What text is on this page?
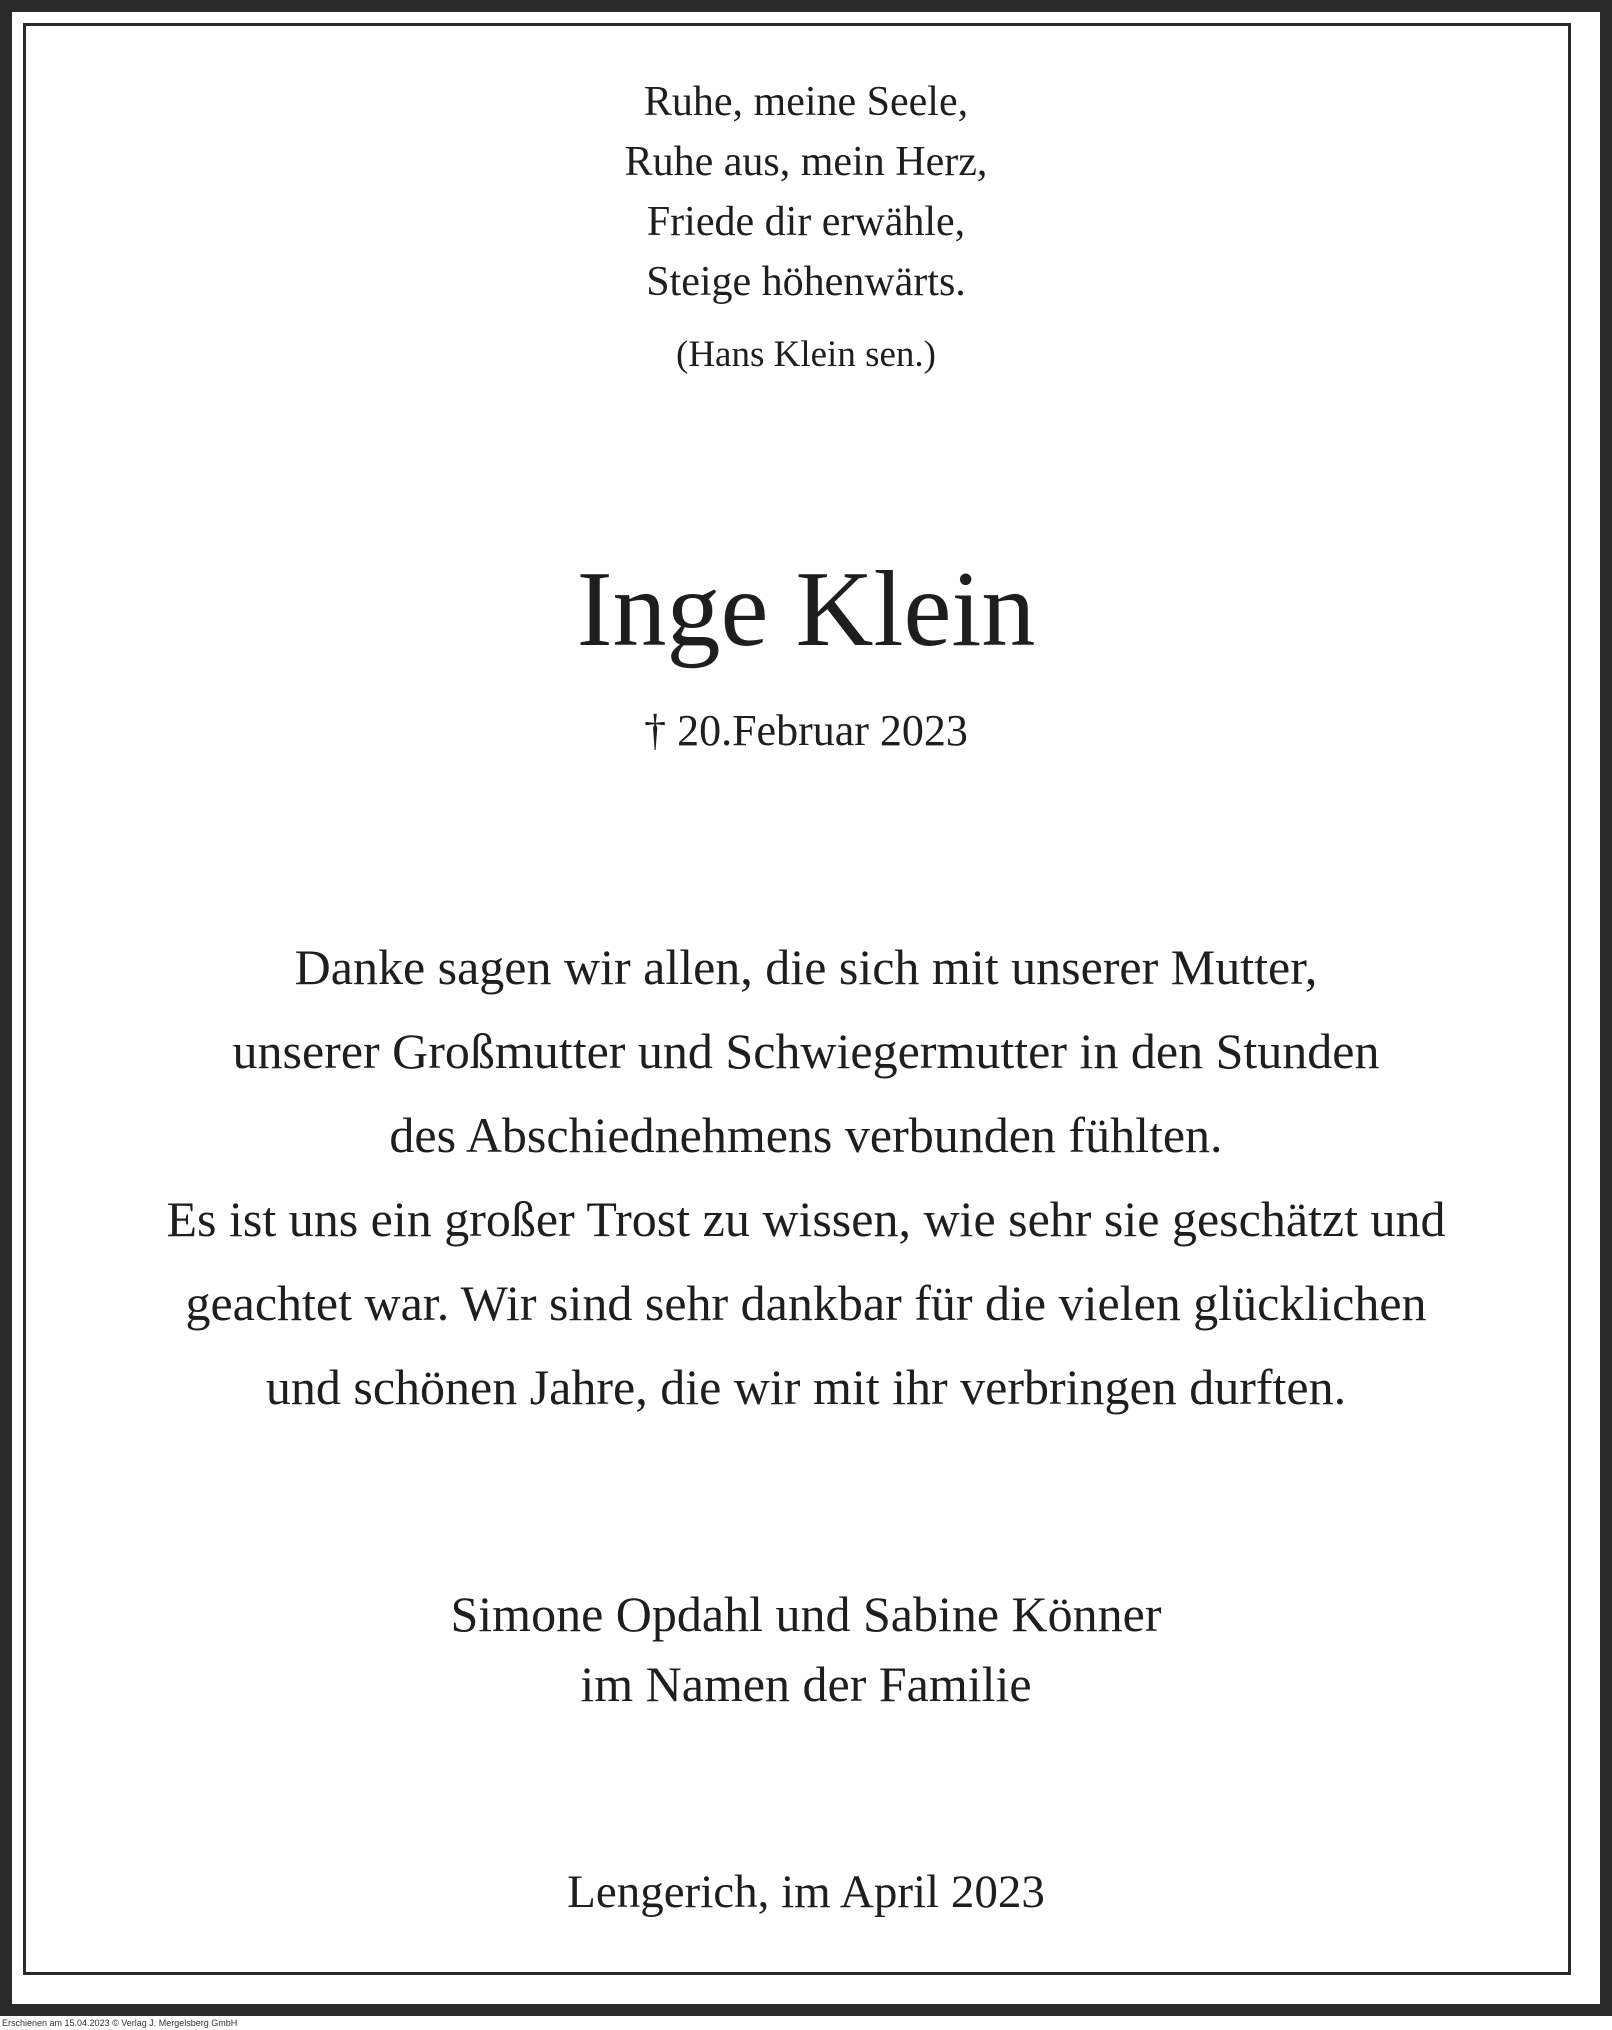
Ruhe, meine Seele,
Ruhe aus, mein Herz,
Friede dir erwähle,
Steige höhenwärts.
(Hans Klein sen.)
Inge Klein
† 20.Februar 2023
Danke sagen wir allen, die sich mit unserer Mutter,
unserer Großmutter und Schwiegermutter in den Stunden
des Abschiednehmens verbunden fühlten.
Es ist uns ein großer Trost zu wissen, wie sehr sie geschätzt und
geachtet war. Wir sind sehr dankbar für die vielen glücklichen
und schönen Jahre, die wir mit ihr verbringen durften.
Simone Opdahl und Sabine Könner
im Namen der Familie
Lengerich, im April 2023
Erschienen am 15.04.2023 © Verlag J. Mergelsberg GmbH
